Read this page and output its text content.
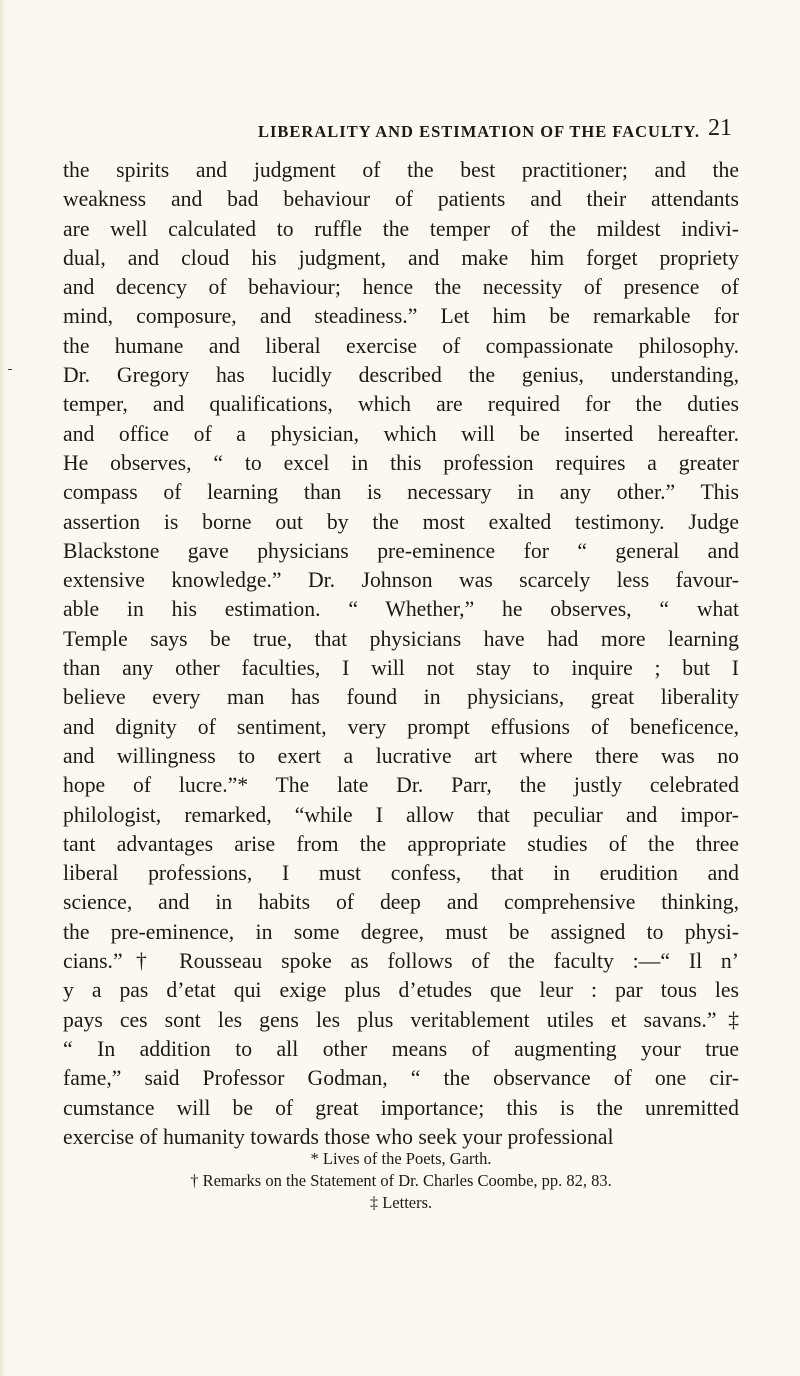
LIBERALITY AND ESTIMATION OF THE FACULTY. 21
the spirits and judgment of the best practitioner; and the
weakness and bad behaviour of patients and their attendants
are well calculated to ruffle the temper of the mildest indivi-
dual, and cloud his judgment, and make him forget propriety
and decency of behaviour; hence the necessity of presence of
mind, composure, and steadiness.” Let him be remarkable for
the humane and liberal exercise of compassionate philosophy.
Dr. Gregory has lucidly described the genius, understanding,
temper, and qualifications, which are required for the duties
and office of a physician, which will be inserted hereafter.
He observes, “ to excel in this profession requires a greater
compass of learning than is necessary in any other.” This
assertion is borne out by the most exalted testimony. Judge
Blackstone gave physicians pre-eminence for “ general and
extensive knowledge.” Dr. Johnson was scarcely less favour-
able in his estimation. “ Whether,” he observes, “ what
Temple says be true, that physicians have had more learning
than any other faculties, I will not stay to inquire ; but I
believe every man has found in physicians, great liberality
and dignity of sentiment, very prompt effusions of beneficence,
and willingness to exert a lucrative art where there was no
hope of lucre.”* The late Dr. Parr, the justly celebrated
philologist, remarked, “while I allow that peculiar and impor-
tant advantages arise from the appropriate studies of the three
liberal professions, I must confess, that in erudition and
science, and in habits of deep and comprehensive thinking,
the pre-eminence, in some degree, must be assigned to physi-
cians.”† Rousseau spoke as follows of the faculty :—“ Il n’
y a pas d’etat qui exige plus d’etudes que leur : par tous les
pays ces sont les gens les plus veritablement utiles et savans.”‡
“ In addition to all other means of augmenting your true
fame,” said Professor Godman, “ the observance of one cir-
cumstance will be of great importance; this is the unremitted
exercise of humanity towards those who seek your professional
* Lives of the Poets, Garth.
† Remarks on the Statement of Dr. Charles Coombe, pp. 82, 83.
‡ Letters.
